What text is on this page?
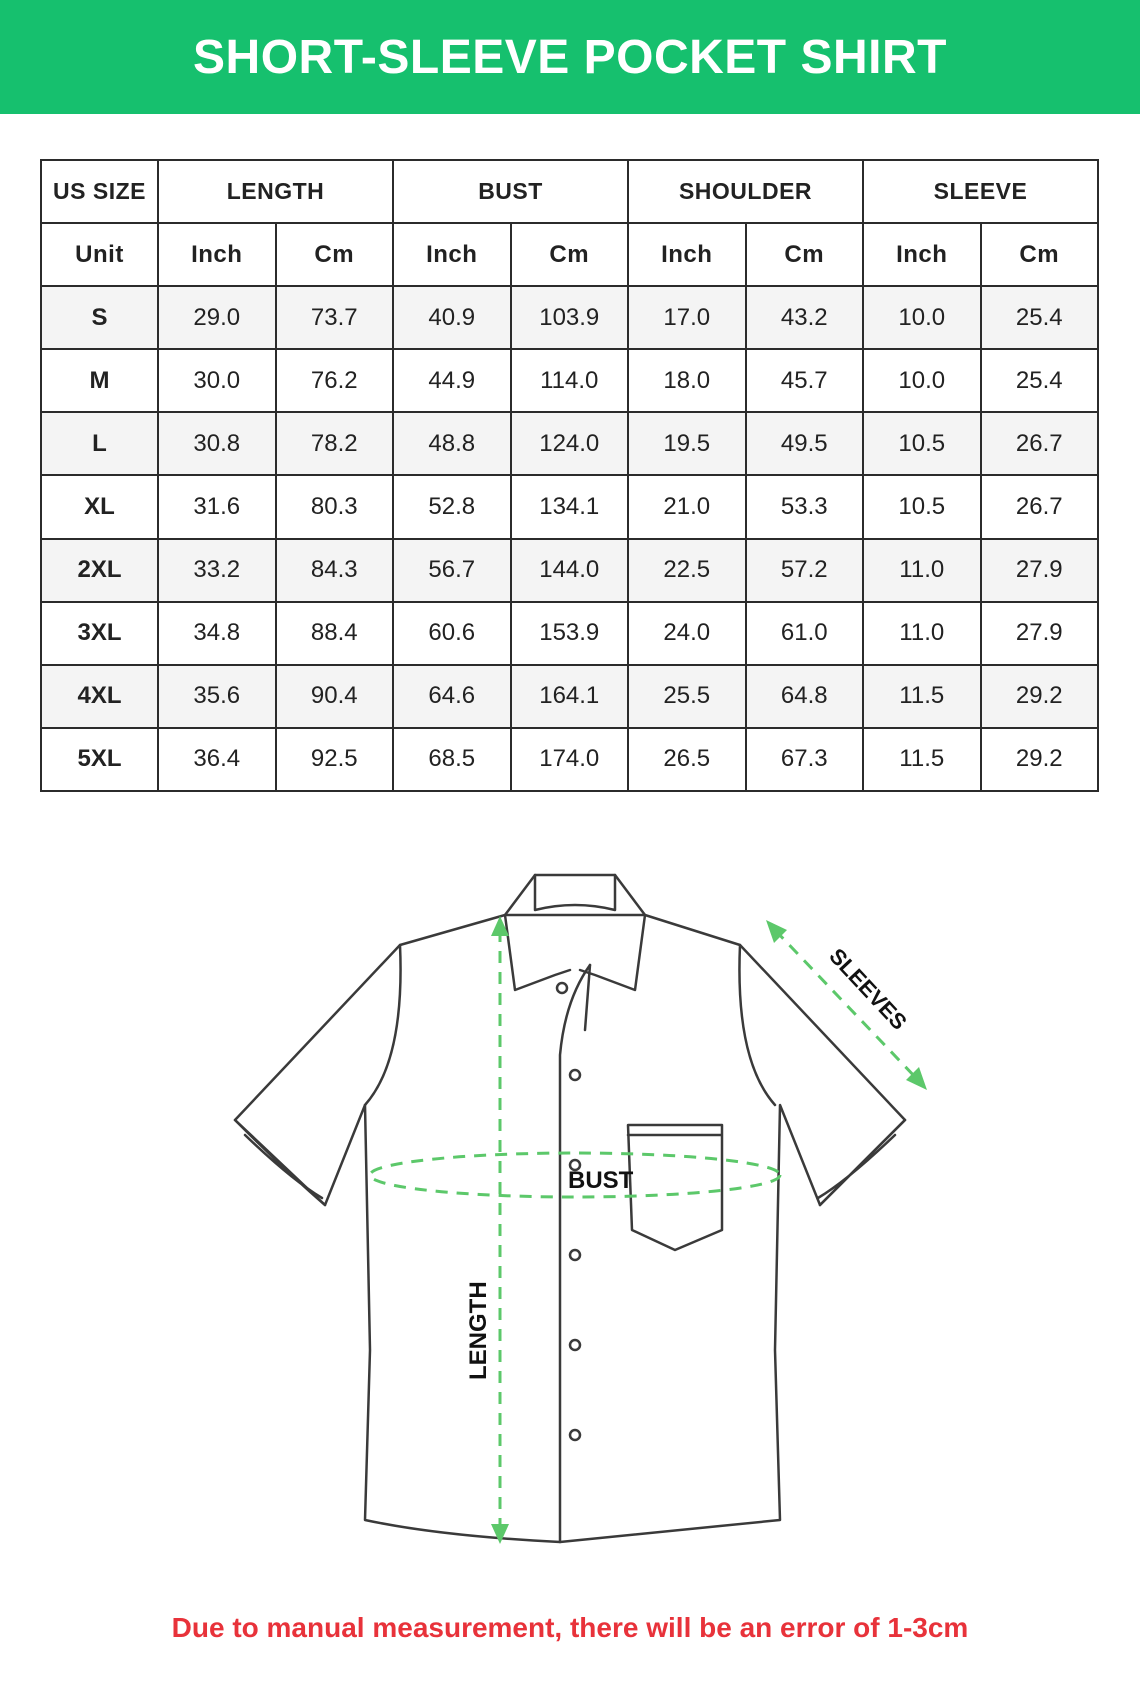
SHORT-SLEEVE POCKET SHIRT
US SIZE	LENGTH		BUST		SHOULDER		SLEEVE	
Unit	Inch	Cm	Inch	Cm	Inch	Cm	Inch	Cm
S	29.0	73.7	40.9	103.9	17.0	43.2	10.0	25.4
M	30.0	76.2	44.9	114.0	18.0	45.7	10.0	25.4
L	30.8	78.2	48.8	124.0	19.5	49.5	10.5	26.7
XL	31.6	80.3	52.8	134.1	21.0	53.3	10.5	26.7
2XL	33.2	84.3	56.7	144.0	22.5	57.2	11.0	27.9
3XL	34.8	88.4	60.6	153.9	24.0	61.0	11.0	27.9
4XL	35.6	90.4	64.6	164.1	25.5	64.8	11.5	29.2
5XL	36.4	92.5	68.5	174.0	26.5	67.3	11.5	29.2
BUST
LENGTH
SLEEVES
Due to manual measurement, there will be an error of 1-3cm
